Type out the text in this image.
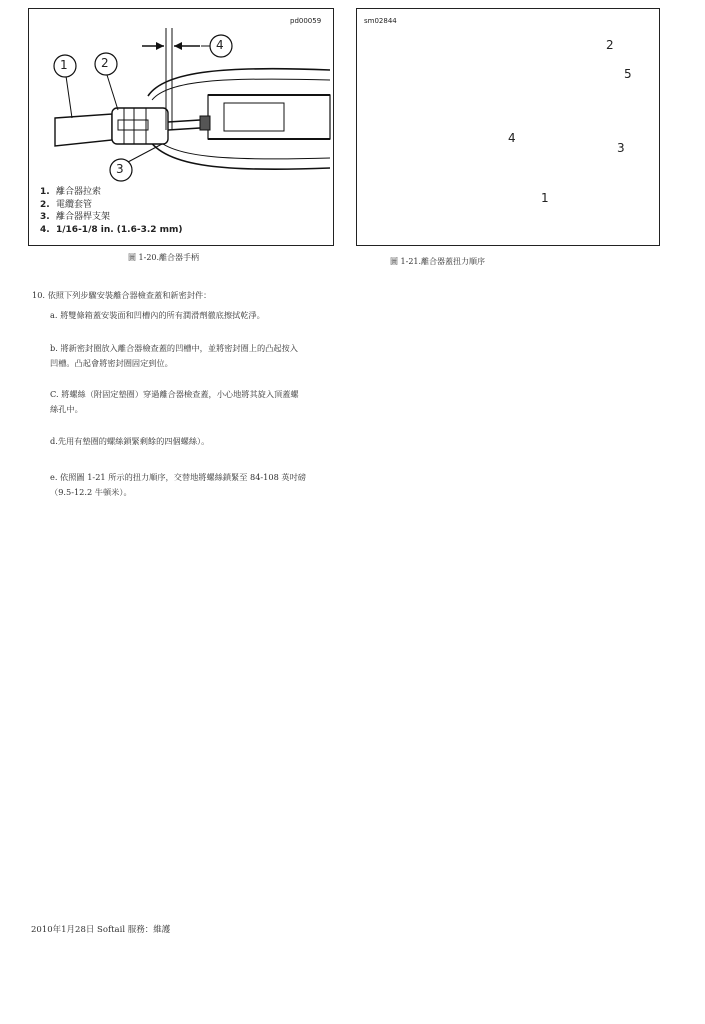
pd00059
1	2
3
4
1. 離合器拉索
2. 電纜套管
3. 離合器桿支架
4. 1/16-1/8 in. (1.6-3.2 mm)
圖 1-20.離合器手柄
sm02844
2
5
3
4
1
圖 1-21.離合器蓋扭力順序
10. 依照下列步驟安裝離合器檢查蓋和新密封件：
a. 將雙條箱蓋安裝面和凹槽內的所有潤滑劑徹底擦拭乾淨。
b. 將新密封圈放入離合器檢查蓋的凹槽中，並將密封圈上的凸起按入
凹槽。凸起會將密封圈固定到位。
C. 將螺絲（附固定墊圈）穿過離合器檢查蓋，小心地將其旋入頂蓋螺
絲孔中。
d.先用有墊圈的螺絲鎖緊剩餘的四個螺絲）。
e. 依照圖 1-21 所示的扭力順序，交替地將螺絲鎖緊至 84-108 英吋磅
（9.5-12.2 牛頓米）。
2010年1月28日 Softail 服務：維護
